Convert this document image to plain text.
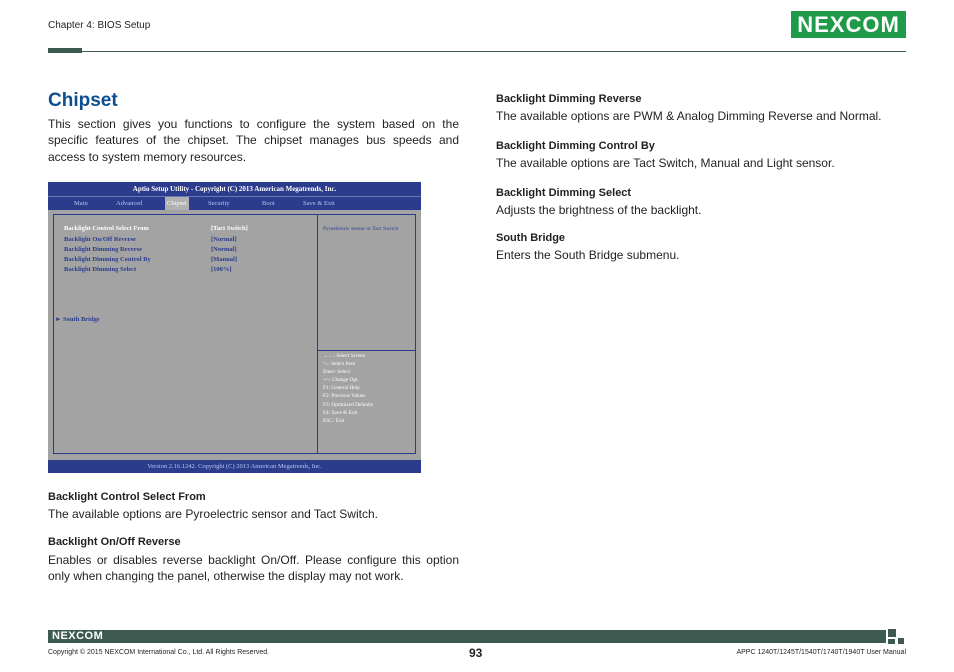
Chapter 4: BIOS Setup	NEXCOM
Chipset
This section gives you functions to configure the system based on the specific features of the chipset. The chipset manages bus speeds and access to system memory resources.
Aptio Setup Utility - Copyright (C) 2013 American Megatrends, Inc.
Main	Advanced	Chipset	Security	Boot	Save & Exit
Backlight Control Select From	[Tact Switch]
Backlight On/Off Reverse	[Normal]
Backlight Dimming Reverse	[Normal]
Backlight Dimming Control By	[Manual]
Backlight Dimming Select	[100%]
► South Bridge
Pyroelectric sensor or Tact Switch
→←: Select Screen
↑↓: Select Item
Enter: Select
+/-: Change Opt.
F1: General Help
F2: Previous Values
F3: Optimized Defaults
F4: Save & Exit
ESC: Exit
Version 2.16.1242. Copyright (C) 2013 American Megatrends, Inc.
Backlight Control Select From
The available options are Pyroelectric sensor and Tact Switch.
Backlight On/Off Reverse
Enables or disables reverse backlight On/Off. Please configure this option only when changing the panel, otherwise the display may not work.
Backlight Dimming Reverse
The available options are PWM & Analog Dimming Reverse and Normal.
Backlight Dimming Control By
The available options are Tact Switch, Manual and Light sensor.
Backlight Dimming Select
Adjusts the brightness of the backlight.
South Bridge
Enters the South Bridge submenu.
NEXCOM
Copyright © 2015 NEXCOM International Co., Ltd. All Rights Reserved.	93	APPC 1240T/1245T/1540T/1740T/1940T User Manual
